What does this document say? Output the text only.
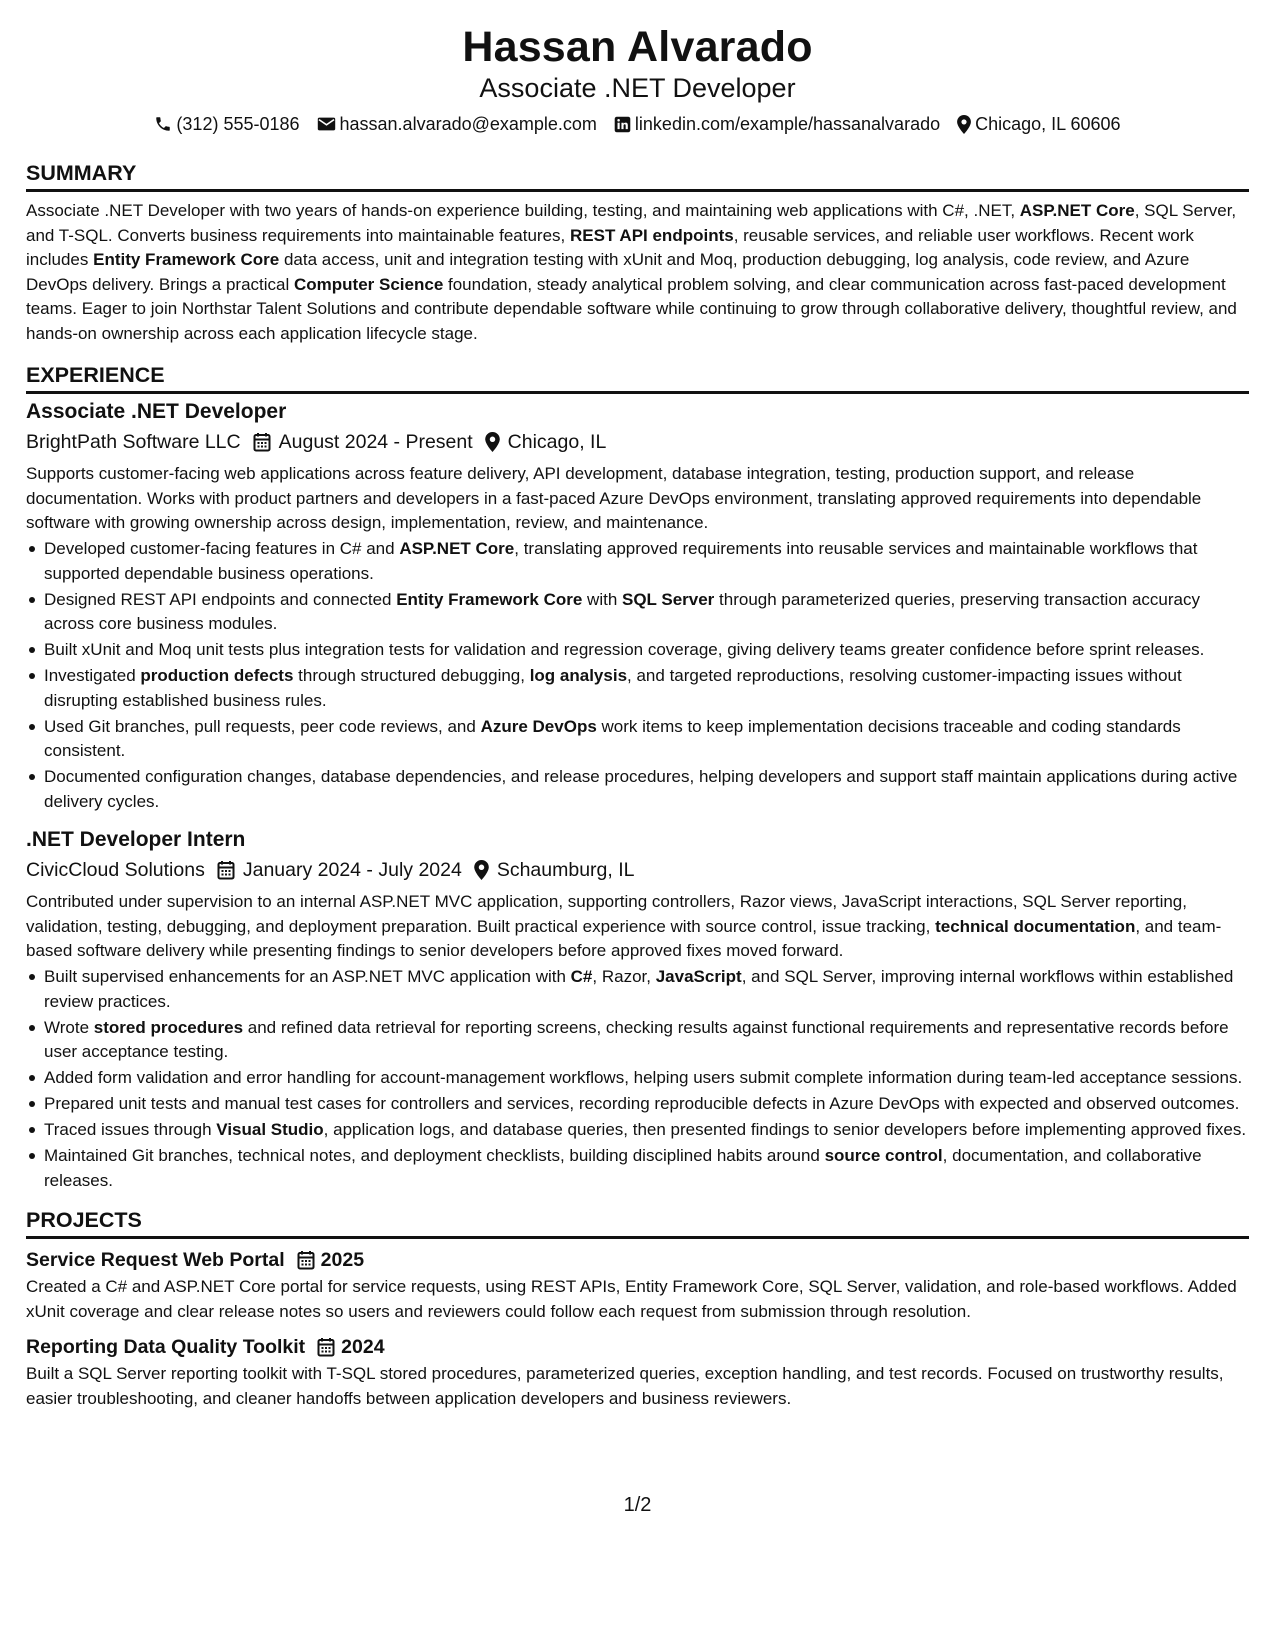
Hassan Alvarado
Associate .NET Developer
(312) 555-0186 hassan.alvarado@example.com linkedin.com/example/hassanalvarado Chicago, IL 60606
SUMMARY

Associate .NET Developer with two years of hands-on experience building, testing, and maintaining web applications with C#, .NET, ASP.NET Core, SQL Server, and T-SQL. Converts business requirements into maintainable features, REST API endpoints, reusable services, and reliable user workflows. Recent work includes Entity Framework Core data access, unit and integration testing with xUnit and Moq, production debugging, log analysis, code review, and Azure DevOps delivery. Brings a practical Computer Science foundation, steady analytical problem solving, and clear communication across fast-paced development teams. Eager to join Northstar Talent Solutions and contribute dependable software while continuing to grow through collaborative delivery, thoughtful review, and hands-on ownership across each application lifecycle stage.

EXPERIENCE
Associate .NET Developer
BrightPath Software LLC August 2024 - Present Chicago, IL

Supports customer-facing web applications across feature delivery, API development, database integration, testing, production support, and release documentation. Works with product partners and developers in a fast-paced Azure DevOps environment, translating approved requirements into dependable software with growing ownership across design, implementation, review, and maintenance.

Developed customer-facing features in C# and ASP.NET Core, translating approved requirements into reusable services and maintainable workflows that supported dependable business operations.
Designed REST API endpoints and connected Entity Framework Core with SQL Server through parameterized queries, preserving transaction accuracy across core business modules.
Built xUnit and Moq unit tests plus integration tests for validation and regression coverage, giving delivery teams greater confidence before sprint releases.
Investigated production defects through structured debugging, log analysis, and targeted reproductions, resolving customer-impacting issues without disrupting established business rules.
Used Git branches, pull requests, peer code reviews, and Azure DevOps work items to keep implementation decisions traceable and coding standards consistent.
Documented configuration changes, database dependencies, and release procedures, helping developers and support staff maintain applications during active delivery cycles.
.NET Developer Intern
CivicCloud Solutions January 2024 - July 2024 Schaumburg, IL

Contributed under supervision to an internal ASP.NET MVC application, supporting controllers, Razor views, JavaScript interactions, SQL Server reporting, validation, testing, debugging, and deployment preparation. Built practical experience with source control, issue tracking, technical documentation, and team-based software delivery while presenting findings to senior developers before approved fixes moved forward.

Built supervised enhancements for an ASP.NET MVC application with C#, Razor, JavaScript, and SQL Server, improving internal workflows within established review practices.
Wrote stored procedures and refined data retrieval for reporting screens, checking results against functional requirements and representative records before user acceptance testing.
Added form validation and error handling for account-management workflows, helping users submit complete information during team-led acceptance sessions.
Prepared unit tests and manual test cases for controllers and services, recording reproducible defects in Azure DevOps with expected and observed outcomes.
Traced issues through Visual Studio, application logs, and database queries, then presented findings to senior developers before implementing approved fixes.
Maintained Git branches, technical notes, and deployment checklists, building disciplined habits around source control, documentation, and collaborative releases.
PROJECTS
Service Request Web Portal 2025

Created a C# and ASP.NET Core portal for service requests, using REST APIs, Entity Framework Core, SQL Server, validation, and role-based workflows. Added xUnit coverage and clear release notes so users and reviewers could follow each request from submission through resolution.

Reporting Data Quality Toolkit 2024

Built a SQL Server reporting toolkit with T-SQL stored procedures, parameterized queries, exception handling, and test records. Focused on trustworthy results, easier troubleshooting, and cleaner handoffs between application developers and business reviewers.

1/2
